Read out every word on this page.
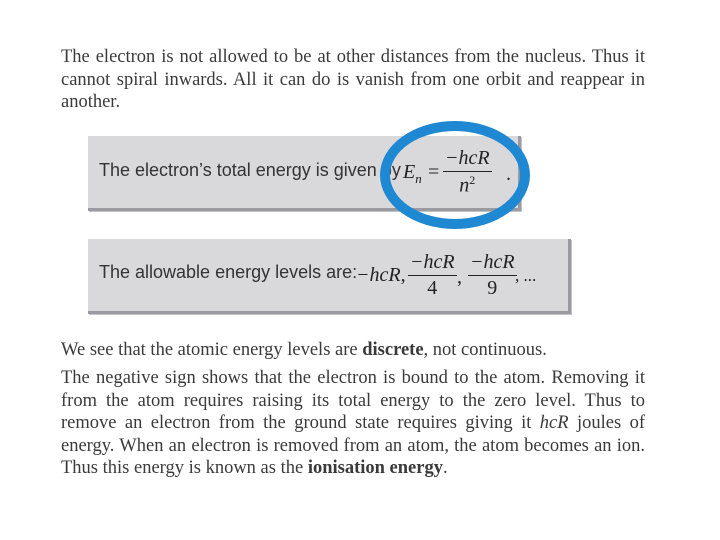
The electron is not allowed to be at other distances from the nucleus. Thus it cannot spiral inwards. All it can do is vanish from one orbit and reappear in another.

The electron’s total energy is given by $E_n$ =
−hcR
$n^2$	.
The allowable energy levels are:
−hcR,
−hcR
4 ,
−hcR
9
, ...

We see that the atomic energy levels are discrete, not continuous.

The negative sign shows that the electron is bound to the atom. Removing it from the atom requires raising its total energy to the zero level. Thus to remove an electron from the ground state requires giving it hcR joules of energy. When an electron is removed from an atom, the atom becomes an ion. Thus this energy is known as the ionisation energy.
